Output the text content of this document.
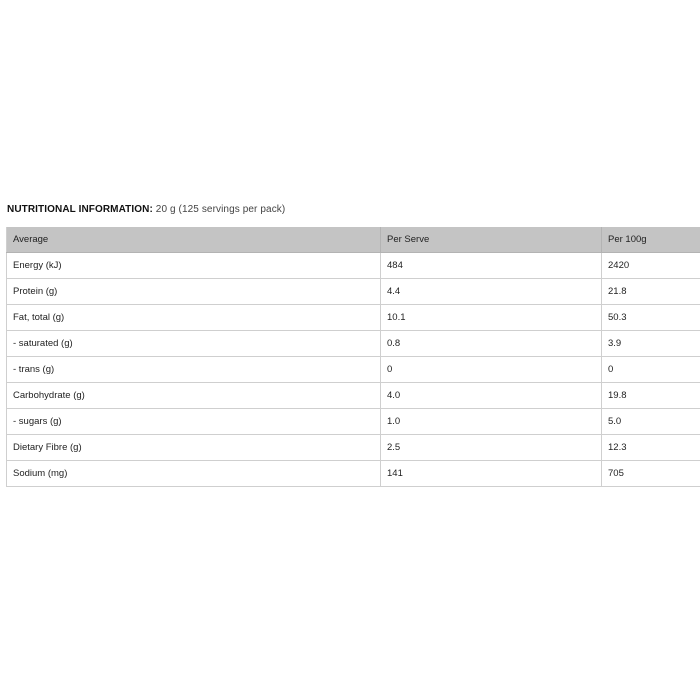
NUTRITIONAL INFORMATION: 20 g (125 servings per pack)
Average	Per Serve	Per 100g
Energy (kJ)	484	2420
Protein (g)	4.4	21.8
Fat, total (g)	10.1	50.3
- saturated (g)	0.8	3.9
- trans (g)	0	0
Carbohydrate (g)	4.0	19.8
- sugars (g)	1.0	5.0
Dietary Fibre (g)	2.5	12.3
Sodium (mg)	141	705
